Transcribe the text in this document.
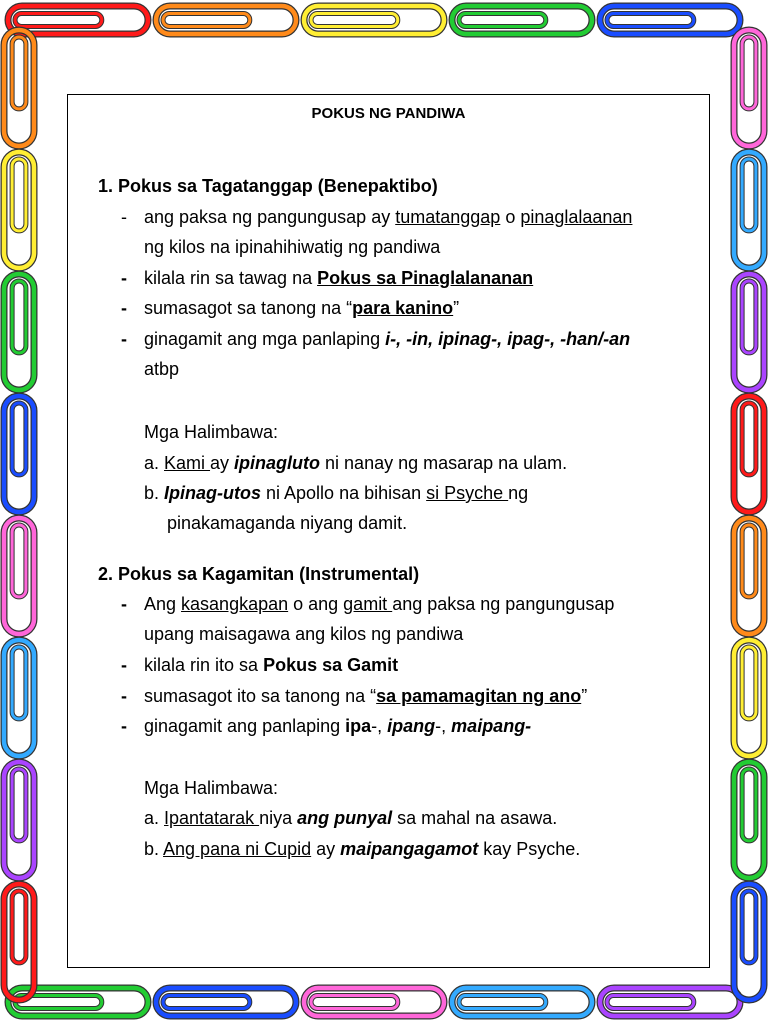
POKUS NG PANDIWA
1. Pokus sa Tagatanggap (Benepaktibo)
- ang paksa ng pangungusap ay tumatanggap o pinaglalaanan
ng kilos na ipinahihiwatig ng pandiwa
- kilala rin sa tawag na Pokus sa Pinaglalananan
- sumasagot sa tanong na “para kanino”
- ginagamit ang mga panlaping i-, -in, ipinag-, ipag-, -han/-an
atbp
Mga Halimbawa:
a. Kami ay ipinagluto ni nanay ng masarap na ulam.
b. Ipinag-utos ni Apollo na bihisan si Psyche ng
pinakamaganda niyang damit.
2. Pokus sa Kagamitan (Instrumental)
- Ang kasangkapan o ang gamit ang paksa ng pangungusap
upang maisagawa ang kilos ng pandiwa
- kilala rin ito sa Pokus sa Gamit
- sumasagot ito sa tanong na “sa pamamagitan ng ano”
- ginagamit ang panlaping ipa-, ipang-, maipang-
Mga Halimbawa:
a. Ipantatarak niya ang punyal sa mahal na asawa.
b. Ang pana ni Cupid ay maipangagamot kay Psyche.
